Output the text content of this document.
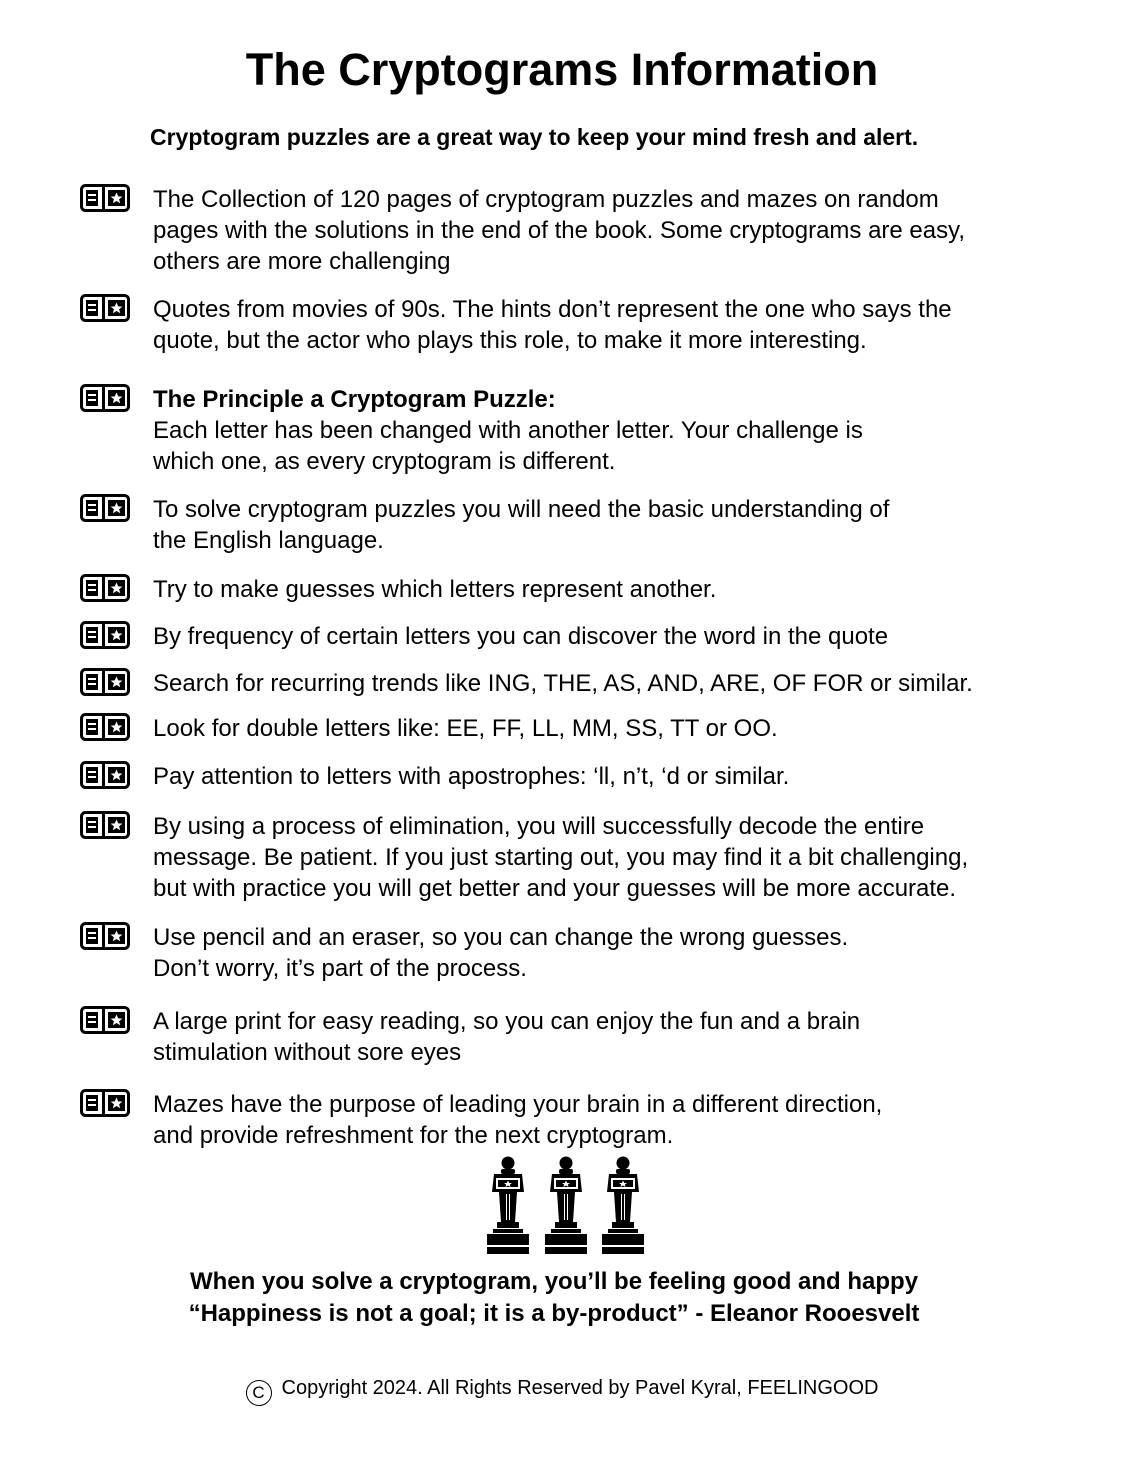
The Cryptograms Information

Cryptogram puzzles are a great way to keep your mind fresh and alert.

The Collection of 120 pages of cryptogram puzzles and mazes on random

pages with the solutions in the end of the book. Some cryptograms are easy,

others are more challenging

Quotes from movies of 90s. The hints don’t represent the one who says the

quote, but the actor who plays this role, to make it more interesting.

The Principle a Cryptogram Puzzle:

Each letter has been changed with another letter. Your challenge is

which one, as every cryptogram is different.

To solve cryptogram puzzles you will need the basic understanding of

the English language.

Try to make guesses which letters represent another.

By frequency of certain letters you can discover the word in the quote

Search for recurring trends like ING, THE, AS, AND, ARE, OF FOR or similar.

Look for double letters like: EE, FF, LL, MM, SS, TT or OO.

Pay attention to letters with apostrophes: ‘ll, n’t, ‘d or similar.

By using a process of elimination, you will successfully decode the entire

message. Be patient. If you just starting out, you may find it a bit challenging,

but with practice you will get better and your guesses will be more accurate.

Use pencil and an eraser, so you can change the wrong guesses.

Don’t worry, it’s part of the process.

A large print for easy reading, so you can enjoy the fun and a brain

stimulation without sore eyes

Mazes have the purpose of leading your brain in a different direction,

and provide refreshment for the next cryptogram.

When you solve a cryptogram, you’ll be feeling good and happy

“Happiness is not a goal; it is a by-product” - Eleanor Rooesvelt

C Copyright 2024. All Rights Reserved by Pavel Kyral, FEELINGOOD
